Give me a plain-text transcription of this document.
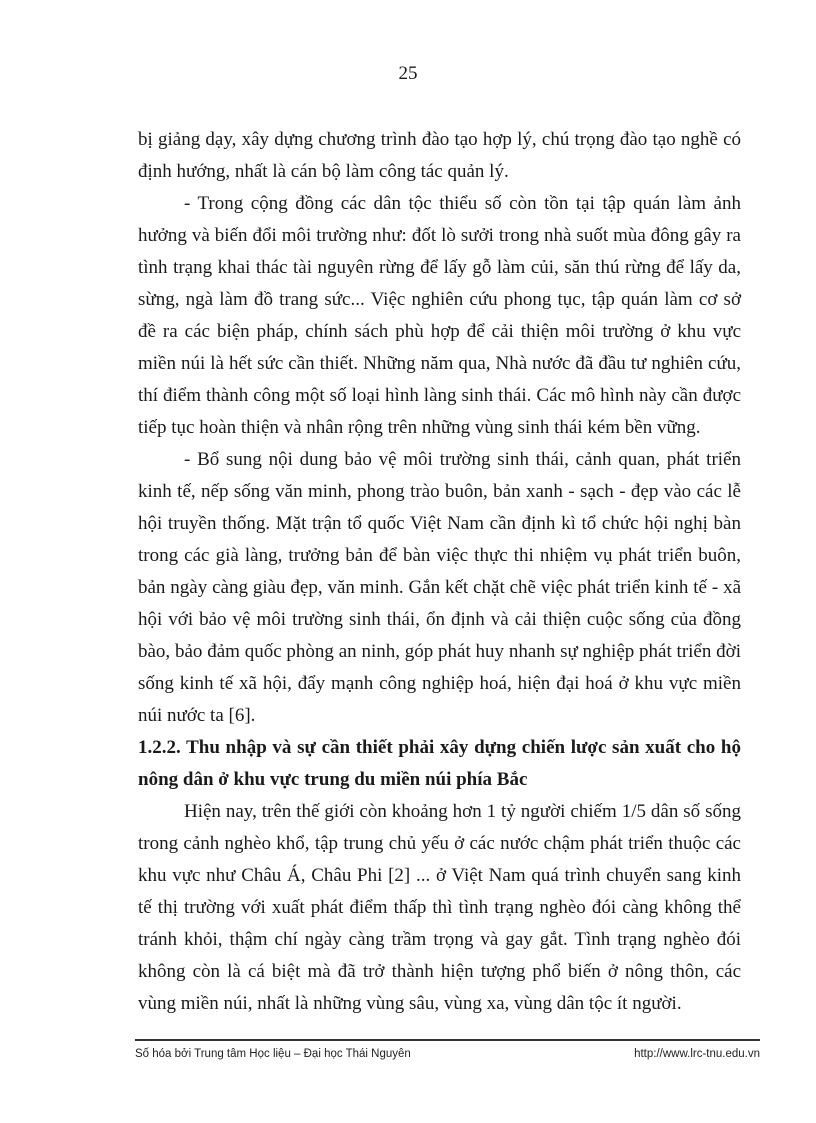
25

bị giảng dạy, xây dựng chương trình đào tạo hợp lý, chú trọng đào tạo nghề có định hướng, nhất là cán bộ làm công tác quản lý.

- Trong cộng đồng các dân tộc thiểu số còn tồn tại tập quán làm ảnh hưởng và biến đổi môi trường như: đốt lò sưởi trong nhà suốt mùa đông gây ra tình trạng khai thác tài nguyên rừng để lấy gỗ làm củi, săn thú rừng để lấy da, sừng, ngà làm đồ trang sức... Việc nghiên cứu phong tục, tập quán làm cơ sở đề ra các biện pháp, chính sách phù hợp để cải thiện môi trường ở khu vực miền núi là hết sức cần thiết. Những năm qua, Nhà nước đã đầu tư nghiên cứu, thí điểm thành công một số loại hình làng sinh thái. Các mô hình này cần được tiếp tục hoàn thiện và nhân rộng trên những vùng sinh thái kém bền vững.

- Bổ sung nội dung bảo vệ môi trường sinh thái, cảnh quan, phát triển kinh tế, nếp sống văn minh, phong trào buôn, bản xanh - sạch - đẹp vào các lễ hội truyền thống. Mặt trận tổ quốc Việt Nam cần định kì tổ chức hội nghị bàn trong các già làng, trưởng bản để bàn việc thực thi nhiệm vụ phát triển buôn, bản ngày càng giàu đẹp, văn minh. Gắn kết chặt chẽ việc phát triển kinh tế - xã hội với bảo vệ môi trường sinh thái, ổn định và cải thiện cuộc sống của đồng bào, bảo đảm quốc phòng an ninh, góp phát huy nhanh sự nghiệp phát triển đời sống kinh tế xã hội, đẩy mạnh công nghiệp hoá, hiện đại hoá ở khu vực miền núi nước ta [6].

1.2.2. Thu nhập và sự cần thiết phải xây dựng chiến lược sản xuất cho hộ nông dân ở khu vực trung du miền núi phía Bắc

Hiện nay, trên thế giới còn khoảng hơn 1 tỷ người chiếm 1/5 dân số sống trong cảnh nghèo khổ, tập trung chủ yếu ở các nước chậm phát triển thuộc các khu vực như Châu Á, Châu Phi [2] ... ở Việt Nam quá trình chuyển sang kinh tế thị trường với xuất phát điểm thấp thì tình trạng nghèo đói càng không thể tránh khỏi, thậm chí ngày càng trầm trọng và gay gắt. Tình trạng nghèo đói không còn là cá biệt mà đã trở thành hiện tượng phổ biến ở nông thôn, các vùng miền núi, nhất là những vùng sâu, vùng xa, vùng dân tộc ít người.

Số hóa bởi Trung tâm Học liệu – Đại học Thái Nguyên	http://www.lrc-tnu.edu.vn
